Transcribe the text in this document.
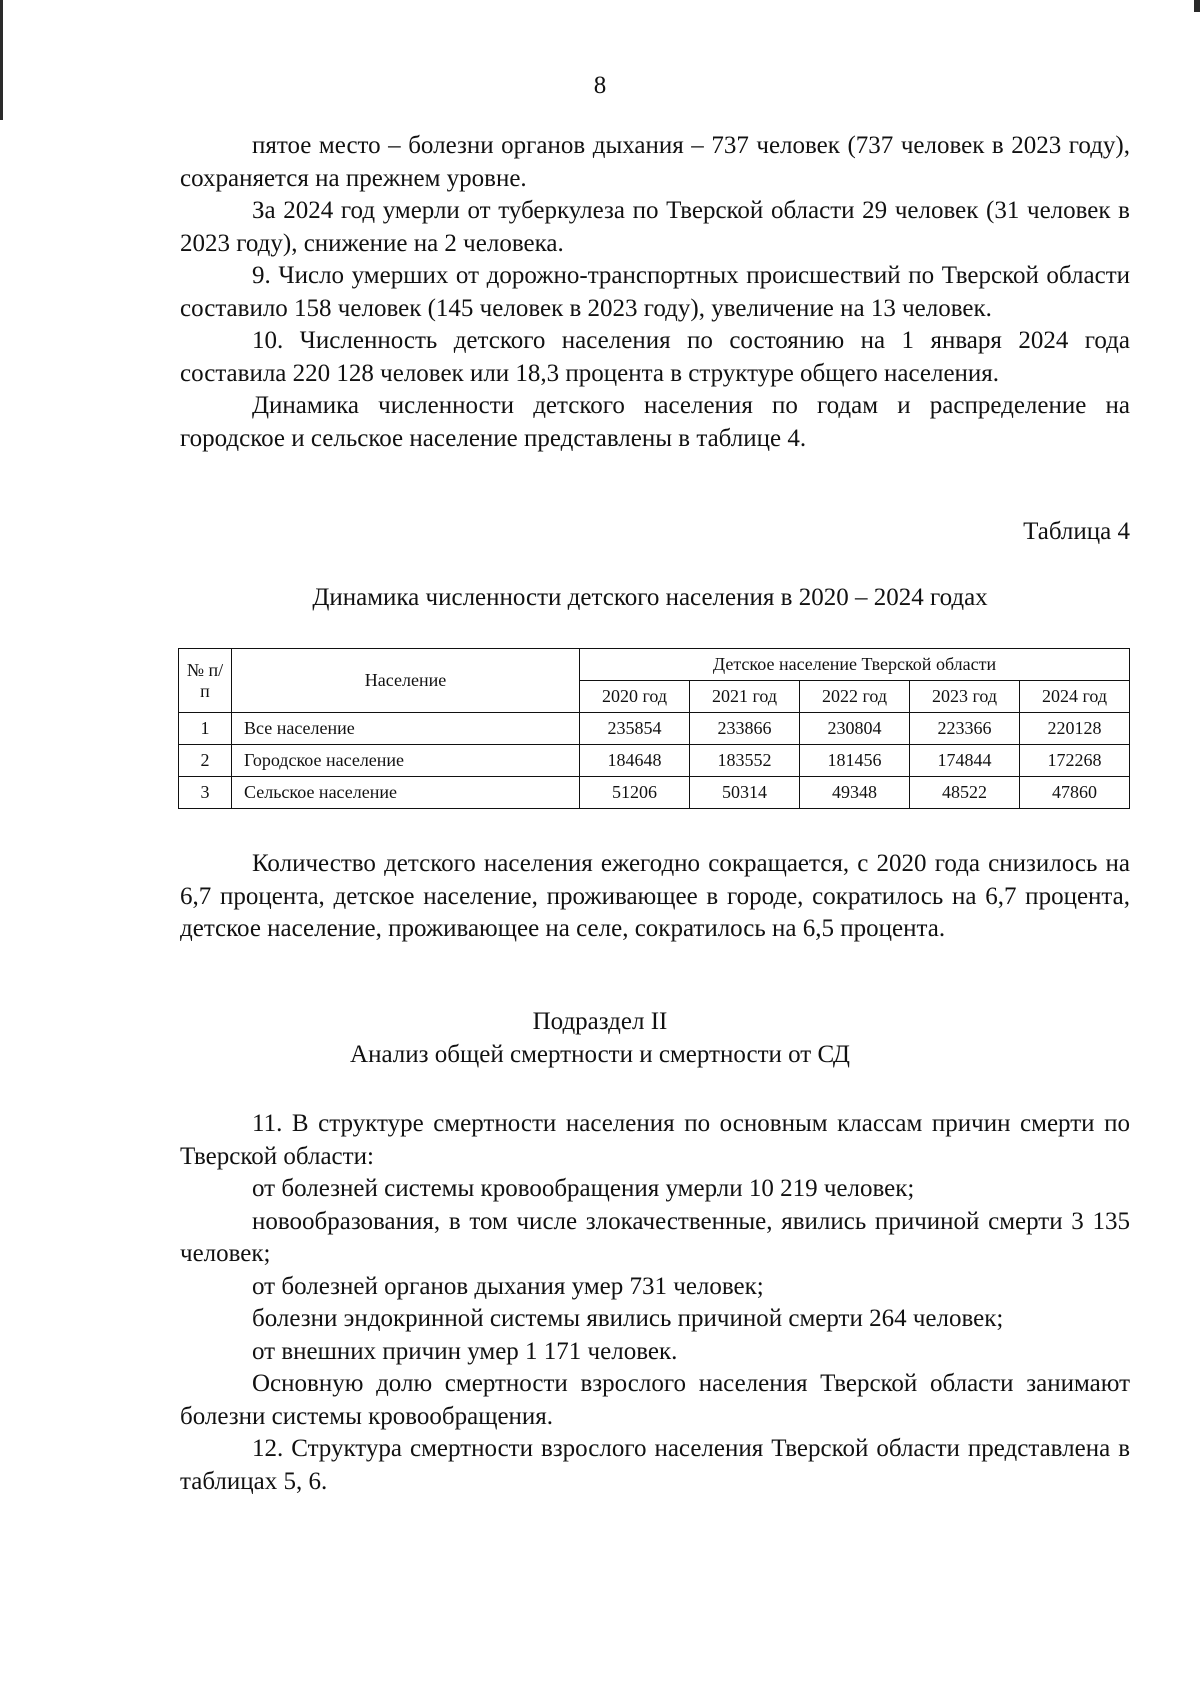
8

пятое место – болезни органов дыхания – 737 человек (737 человек в 2023 году), сохраняется на прежнем уровне.

За 2024 год умерли от туберкулеза по Тверской области 29 человек (31 человек в 2023 году), снижение на 2 человека.

9. Число умерших от дорожно-транспортных происшествий по Тверской области составило 158 человек (145 человек в 2023 году), увеличение на 13 человек.

10. Численность детского населения по состоянию на 1 января 2024 года составила 220 128 человек или 18,3 процента в структуре общего населения.

Динамика численности детского населения по годам и распределение на городское и сельское население представлены в таблице 4.

Таблица 4
Динамика численности детского населения в 2020 – 2024 годах
№ п/п	Население	Детское население Тверской области				
		2020 год	2021 год	2022 год	2023 год	2024 год
1	Все население	235854	233866	230804	223366	220128
2	Городское население	184648	183552	181456	174844	172268
3	Сельское население	51206	50314	49348	48522	47860

Количество детского населения ежегодно сокращается, с 2020 года снизилось на 6,7 процента, детское население, проживающее в городе, сократилось на 6,7 процента, детское население, проживающее на селе, сократилось на 6,5 процента.

Подраздел II
Анализ общей смертности и смертности от СД

11. В структуре смертности населения по основным классам причин смерти по Тверской области:

от болезней системы кровообращения умерли 10 219 человек;

новообразования, в том числе злокачественные, явились причиной смерти 3 135 человек;

от болезней органов дыхания умер 731 человек;

болезни эндокринной системы явились причиной смерти 264 человек;

от внешних причин умер 1 171 человек.

Основную долю смертности взрослого населения Тверской области занимают болезни системы кровообращения.

12. Структура смертности взрослого населения Тверской области представлена в таблицах 5, 6.
